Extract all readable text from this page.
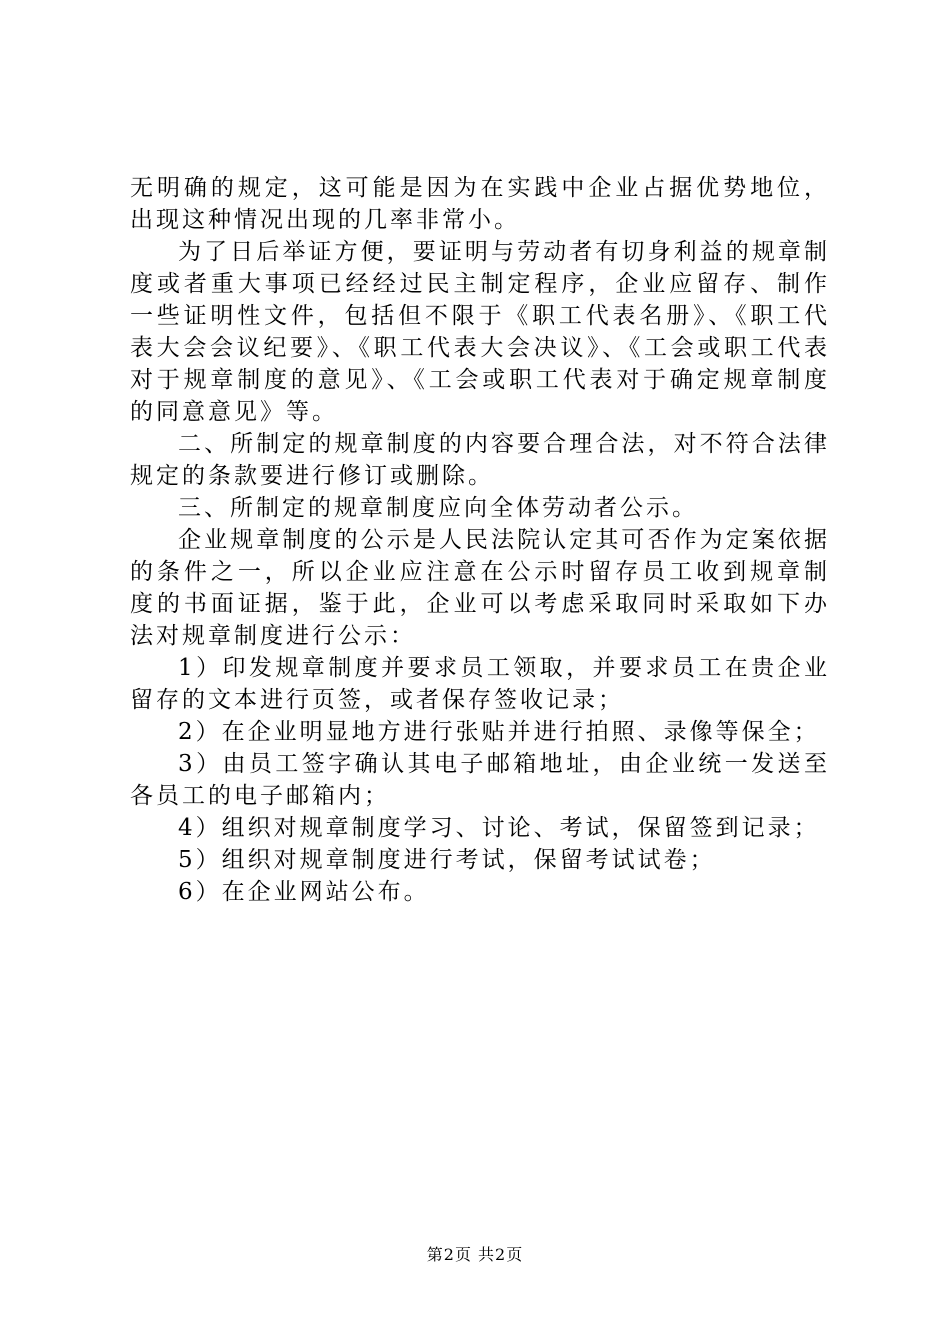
无明确的规定，这可能是因为在实践中企业占据优势地位，出现这种情况出现的几率非常小。

为了日后举证方便，要证明与劳动者有切身利益的规章制度或者重大事项已经经过民主制定程序，企业应留存、制作一些证明性文件，包括但不限于《职工代表名册》、《职工代表大会会议纪要》、《职工代表大会决议》、《工会或职工代表对于规章制度的意见》、《工会或职工代表对于确定规章制度的同意意见》等。

二、所制定的规章制度的内容要合理合法，对不符合法律规定的条款要进行修订或删除。

三、所制定的规章制度应向全体劳动者公示。

企业规章制度的公示是人民法院认定其可否作为定案依据的条件之一，所以企业应注意在公示时留存员工收到规章制度的书面证据，鉴于此，企业可以考虑采取同时采取如下办法对规章制度进行公示：

1）印发规章制度并要求员工领取，并要求员工在贵企业留存的文本进行页签，或者保存签收记录；

2）在企业明显地方进行张贴并进行拍照、录像等保全；

3）由员工签字确认其电子邮箱地址，由企业统一发送至各员工的电子邮箱内；

4）组织对规章制度学习、讨论、考试，保留签到记录；

5）组织对规章制度进行考试，保留考试试卷；

6）在企业网站公布。

第2页 共2页
